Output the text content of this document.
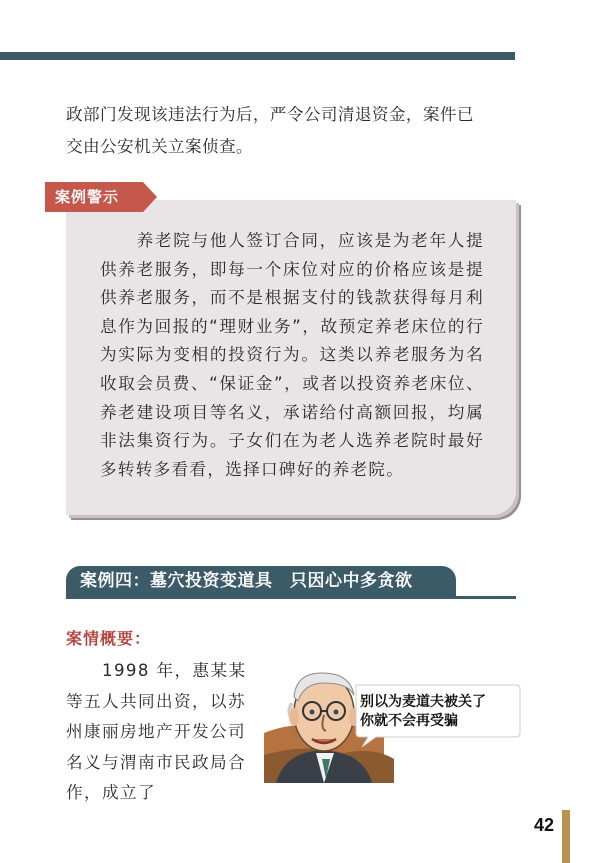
政部门发现该违法行为后，严令公司清退资金，案件已

交由公安机关立案侦查。

案例警示

　　养老院与他人签订合同，应该是为老年人提供养老服务，即每一个床位对应的价格应该是提供养老服务，而不是根据支付的钱款获得每月利息作为回报的“理财业务”，故预定养老床位的行为实际为变相的投资行为。这类以养老服务为名收取会员费、“保证金”，或者以投资养老床位、养老建设项目等名义，承诺给付高额回报，均属非法集资行为。子女们在为老人选养老院时最好多转转多看看，选择口碑好的养老院。

案例四：墓穴投资变道具　只因心中多贪欲
案情概要：

　　1998 年，惠某某等五人共同出资，以苏州康丽房地产开发公司名义与渭南市民政局合作，成立了

别以为麦道夫被关了
你就不会再受骗
42
